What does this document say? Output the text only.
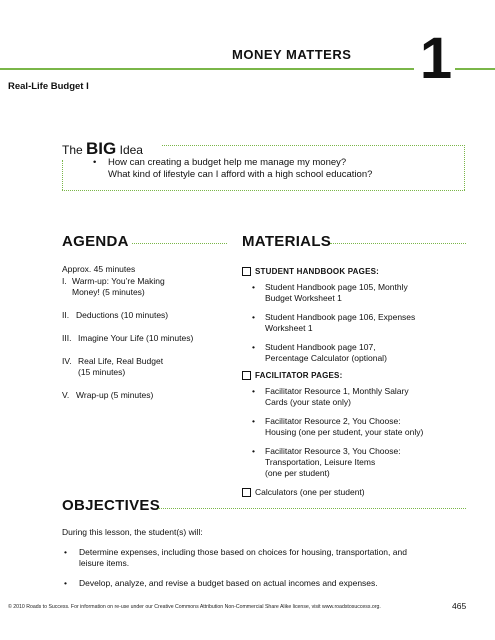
MONEY MATTERS	1
Real-Life Budget I
The BIG Idea
• How can creating a budget help me manage my money?
What kind of lifestyle can I afford with a high school education?
AGENDA
Approx. 45 minutes
I. Warm-up: You’re Making
Money! (5 minutes)
II. Deductions (10 minutes)
III. Imagine Your Life (10 minutes)
IV. Real Life, Real Budget
(15 minutes)
V. Wrap-up (5 minutes)
MATERIALS
STUDENT HANDBOOK PAGES:
• Student Handbook page 105, Monthly
Budget Worksheet 1
• Student Handbook page 106, Expenses
Worksheet 1
• Student Handbook page 107,
Percentage Calculator (optional)
FACILITATOR PAGES:
• Facilitator Resource 1, Monthly Salary
Cards (your state only)
• Facilitator Resource 2, You Choose:
Housing (one per student, your state only)
• Facilitator Resource 3, You Choose:
Transportation, Leisure Items
(one per student)
Calculators (one per student)
OBJECTIVES
During this lesson, the student(s) will:
• Determine expenses, including those based on choices for housing, transportation, and
leisure items.
• Develop, analyze, and revise a budget based on actual incomes and expenses.
© 2010 Roads to Success. For information on re-use under our Creative Commons Attribution Non-Commercial Share Alike license, visit www.roadstosuccess.org.	465
